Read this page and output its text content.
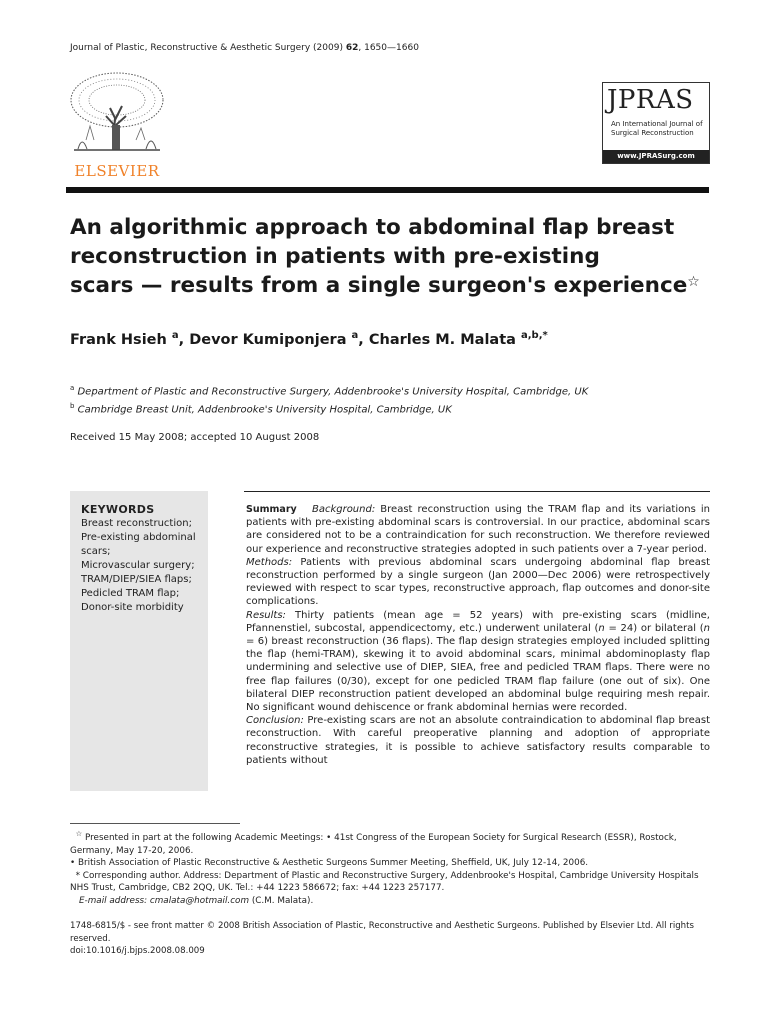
Journal of Plastic, Reconstructive & Aesthetic Surgery (2009) 62, 1650—1660
ELSEVIER
JPRAS
An International Journal of
Surgical Reconstruction
www.JPRASurg.com
An algorithmic approach to abdominal flap breast
reconstruction in patients with pre-existing
scars — results from a single surgeon's experience☆
Frank Hsieh $^a$, Devor Kumiponjera $^a$, Charles M. Malata $^{a,b,*}$
$^a$ Department of Plastic and Reconstructive Surgery, Addenbrooke's University Hospital, Cambridge, UK
$^b$ Cambridge Breast Unit, Addenbrooke's University Hospital, Cambridge, UK
Received 15 May 2008; accepted 10 August 2008
KEYWORDS
Breast reconstruction;
Pre-existing abdominal
scars;
Microvascular surgery;
TRAM/DIEP/SIEA flaps;
Pedicled TRAM flap;
Donor-site morbidity
Summary Background: Breast reconstruction using the TRAM flap and its variations in patients with pre-existing abdominal scars is controversial. In our practice, abdominal scars are considered not to be a contraindication for such reconstruction. We therefore reviewed our experience and reconstructive strategies adopted in such patients over a 7-year period.
Methods: Patients with previous abdominal scars undergoing abdominal flap breast reconstruction performed by a single surgeon (Jan 2000—Dec 2006) were retrospectively reviewed with respect to scar types, reconstructive approach, flap outcomes and donor-site complications.
Results: Thirty patients (mean age = 52 years) with pre-existing scars (midline, Pfannenstiel, subcostal, appendicectomy, etc.) underwent unilateral (n = 24) or bilateral (n = 6) breast reconstruction (36 flaps). The flap design strategies employed included splitting the flap (hemi-TRAM), skewing it to avoid abdominal scars, minimal abdominoplasty flap undermining and selective use of DIEP, SIEA, free and pedicled TRAM flaps. There were no free flap failures (0/30), except for one pedicled TRAM flap failure (one out of six). One bilateral DIEP reconstruction patient developed an abdominal bulge requiring mesh repair. No significant wound dehiscence or frank abdominal hernias were recorded.
Conclusion: Pre-existing scars are not an absolute contraindication to abdominal flap breast reconstruction. With careful preoperative planning and adoption of appropriate reconstructive strategies, it is possible to achieve satisfactory results comparable to patients without
☆ Presented in part at the following Academic Meetings: • 41st Congress of the European Society for Surgical Research (ESSR), Rostock, Germany, May 17-20, 2006.
• British Association of Plastic Reconstructive & Aesthetic Surgeons Summer Meeting, Sheffield, UK, July 12-14, 2006.
* Corresponding author. Address: Department of Plastic and Reconstructive Surgery, Addenbrooke's Hospital, Cambridge University Hospitals NHS Trust, Cambridge, CB2 2QQ, UK. Tel.: +44 1223 586672; fax: +44 1223 257177.
E-mail address: cmalata@hotmail.com (C.M. Malata).
1748-6815/$ - see front matter © 2008 British Association of Plastic, Reconstructive and Aesthetic Surgeons. Published by Elsevier Ltd. All rights reserved.
doi:10.1016/j.bjps.2008.08.009
